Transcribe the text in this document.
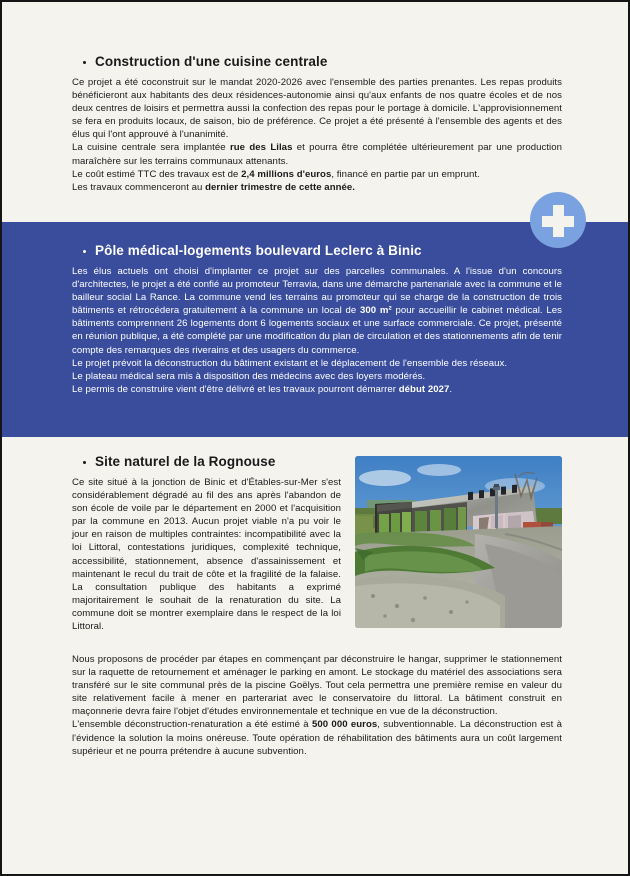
Construction d'une cuisine centrale

Ce projet a été coconstruit sur le mandat 2020-2026 avec l'ensemble des parties prenantes. Les repas produits bénéficieront aux habitants des deux résidences-autonomie ainsi qu'aux enfants de nos quatre écoles et de nos deux centres de loisirs et permettra aussi la confection des repas pour le portage à domicile. L'approvisionnement se fera en produits locaux, de saison, bio de préférence. Ce projet a été présenté à l'ensemble des agents et des élus qui l'ont approuvé à l'unanimité.

La cuisine centrale sera implantée rue des Lilas et pourra être complétée ultérieurement par une production maraîchère sur les terrains communaux attenants.

Le coût estimé TTC des travaux est de 2,4 millions d'euros, financé en partie par un emprunt.

Les travaux commenceront au dernier trimestre de cette année.

Pôle médical-logements boulevard Leclerc à Binic

Les élus actuels ont choisi d'implanter ce projet sur des parcelles communales. A l'issue d'un concours d'architectes, le projet a été confié au promoteur Terravia, dans une démarche partenariale avec la commune et le bailleur social La Rance. La commune vend les terrains au promoteur qui se charge de la construction de trois bâtiments et rétrocédera gratuitement à la commune un local de 300 m² pour accueillir le cabinet médical. Les bâtiments comprennent 26 logements dont 6 logements sociaux et une surface commerciale. Ce projet, présenté en réunion publique, a été complété par une modification du plan de circulation et des stationnements afin de tenir compte des remarques des riverains et des usagers du commerce.

Le projet prévoit la déconstruction du bâtiment existant et le déplacement de l'ensemble des réseaux.

Le plateau médical sera mis à disposition des médecins avec des loyers modérés.

Le permis de construire vient d'être délivré et les travaux pourront démarrer début 2027.

Site naturel de la Rognouse

Ce site situé à la jonction de Binic et d'Étables-sur-Mer s'est considérablement dégradé au fil des ans après l'abandon de son école de voile par le département en 2000 et l'acquisition par la commune en 2013. Aucun projet viable n'a pu voir le jour en raison de multiples contraintes: incompatibilité avec la loi Littoral, contestations juridiques, complexité technique, accessibilité, stationnement, absence d'assainissement et maintenant le recul du trait de côte et la fragilité de la falaise. La consultation publique des habitants a exprimé majoritairement le souhait de la renaturation du site. La commune doit se montrer exemplaire dans le respect de la loi Littoral.

Nous proposons de procéder par étapes en commençant par déconstruire le hangar, supprimer le stationnement sur la raquette de retournement et aménager le parking en amont. Le stockage du matériel des associations sera transféré sur le site communal près de la piscine Goëlys. Tout cela permettra une première remise en valeur du site relativement facile à mener en parterariat avec le conservatoire du littoral. La bâtiment construit en maçonnerie devra faire l'objet d'études environnementale et technique en vue de la déconstruction.

L'ensemble déconstruction-renaturation a été estimé à 500 000 euros, subventionnable. La déconstruction est à l'évidence la solution la moins onéreuse. Toute opération de réhabilitation des bâtiments aura un coût largement supérieur et ne pourra prétendre à aucune subvention.
